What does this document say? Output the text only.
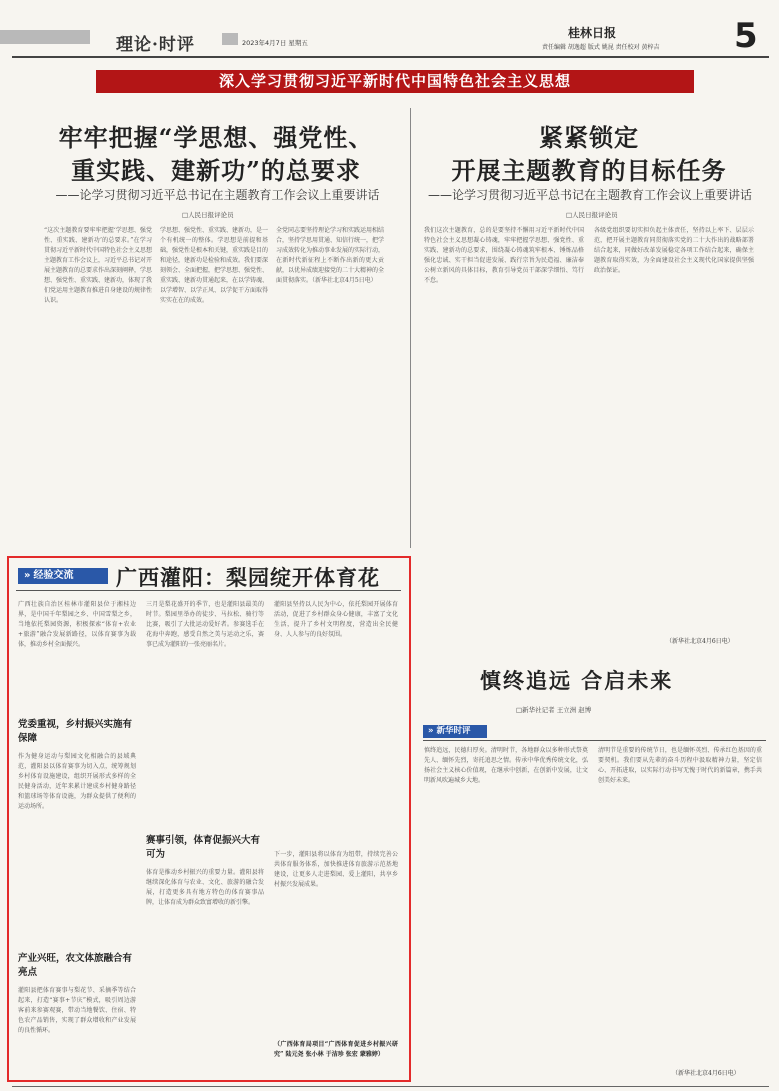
理论·时评	2023年4月7日 星期五
桂林日报
责任编辑 胡逸超 版式 姚昆 责任校对 黄梓吉 5
深入学习贯彻习近平新时代中国特色社会主义思想
牢牢把握“学思想、强党性、
重实践、建新功”的总要求
——论学习贯彻习近平总书记在主题教育工作会议上重要讲话
□人民日报评论员
紧紧锁定
开展主题教育的目标任务
——论学习贯彻习近平总书记在主题教育工作会议上重要讲话
□人民日报评论员
“这次主题教育要牢牢把握‘学思想、强党性、重实践、建新功’的总要求。”在学习贯彻习近平新时代中国特色社会主义思想主题教育工作会议上，习近平总书记对开展主题教育的总要求作出深刻阐释，学思想、强党性、重实践、建新功，体现了我们党运用主题教育推进自身建设的规律性认识。
学思想、强党性、重实践、建新功，是一个有机统一的整体。学思想是前提和基础，强党性是根本和关键，重实践是目的和途径，建新功是检验和成效。我们要深刻领会、全面把握，把学思想、强党性、重实践、建新功贯通起来，在以学铸魂、以学增智、以学正风、以学促干方面取得实实在在的成效。
全党同志要坚持理论学习和实践运用相结合，坚持学思用贯通、知信行统一，把学习成效转化为推动事业发展的实际行动，在新时代新征程上不断作出新的更大贡献，以优异成绩迎接党的二十大精神的全面贯彻落实。（新华社北京4月5日电）
我们这次主题教育，总的是要坚持不懈用习近平新时代中国特色社会主义思想凝心铸魂，牢牢把握学思想、强党性、重实践、建新功的总要求，围绕凝心铸魂筑牢根本、锤炼品格强化忠诚、实干担当促进发展、践行宗旨为民造福、廉洁奉公树立新风的具体目标，教育引导党员干部深学细悟、笃行不怠。
各级党组织要切实担负起主体责任，坚持以上率下、层层示范，把开展主题教育同贯彻落实党的二十大作出的战略部署结合起来，同做好改革发展稳定各项工作结合起来，确保主题教育取得实效，为全面建设社会主义现代化国家提供坚强政治保证。
（新华社北京4月6日电）
» 经验交流	广西灌阳：梨园绽开体育花
广西壮族自治区桂林市灌阳县位于湘桂边界，是中国千年梨园之乡、中国雪梨之乡，当地依托梨园资源，积极探索“体育+农业+旅游”融合发展新路径，以体育赛事为载体，推动乡村全面振兴。
党委重视，乡村振兴实施有保障
作为健身运动与梨园文化相融合的县域典范，灌阳县以体育赛事为切入点，统筹规划乡村体育设施建设，组织开展形式多样的全民健身活动，近年来累计建成乡村健身路径和篮球场等体育设施，为群众提供了便利的运动场所。
产业兴旺，农文体旅融合有亮点
灌阳县把体育赛事与梨花节、采摘季等结合起来，打造“赛事+节庆”模式，吸引周边游客前来参赛观赛，带动当地餐饮、住宿、特色农产品销售，实现了群众增收和产业发展的良性循环。
三月是梨花盛开的季节，也是灌阳县最美的时节。梨园里举办的徒步、马拉松、骑行等比赛，吸引了大批运动爱好者。参赛选手在花海中奔跑，感受自然之美与运动之乐，赛事已成为灌阳的一张亮丽名片。
赛事引领，体育促振兴大有可为
体育是推动乡村振兴的重要力量。灌阳县将继续深化体育与农业、文化、旅游的融合发展，打造更多具有地方特色的体育赛事品牌，让体育成为群众致富增收的新引擎。
灌阳县坚持以人民为中心，依托梨园开展体育活动，促进了乡村群众身心健康，丰富了文化生活，提升了乡村文明程度，营造出全民健身、人人参与的良好氛围。
下一步，灌阳县将以体育为纽带，持续完善公共体育服务体系，加快推进体育旅游示范基地建设，让更多人走进梨园、爱上灌阳，共享乡村振兴发展成果。
（广西体育局项目“广西体育促进乡村振兴研究” 陆元尧 张小林 于洁珍 张宏 蒙雅婷）
慎终追远 合启未来
□新华社记者 王立洲 赵博
» 新华时评
慎终追远，民德归厚矣。清明时节，各地群众以多种形式祭奠先人、缅怀先烈，寄托追思之情。传承中华优秀传统文化，弘扬社会主义核心价值观，在继承中创新，在创新中发展，让文明新风吹遍城乡大地。
清明节是重要的传统节日，也是缅怀英烈、传承红色基因的重要契机。我们要从先辈的奋斗历程中汲取精神力量，坚定信心、开拓进取，以实际行动书写无愧于时代的新篇章，携手共创美好未来。
（新华社北京4月6日电）
